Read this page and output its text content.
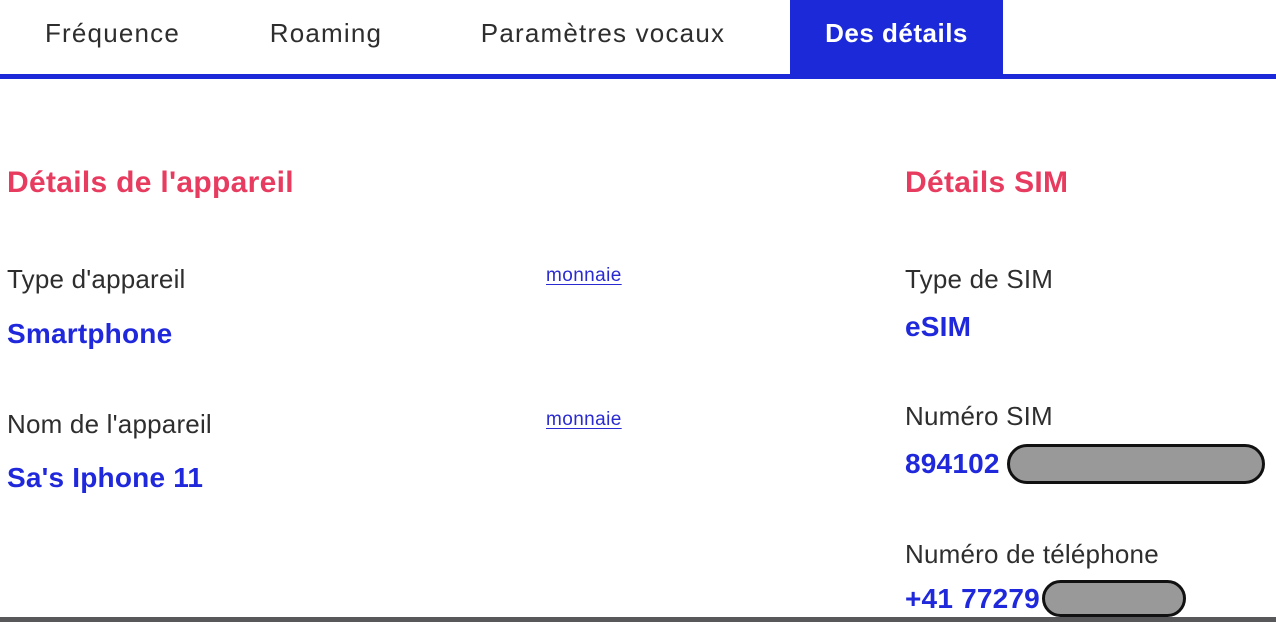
Fréquence	Roaming	Paramètres vocaux	Des détails
Détails de l'appareil
Type d'appareil
Smartphone
monnaie
Nom de l'appareil
Sa's Iphone 11
monnaie
Détails SIM
Type de SIM
eSIM
Numéro SIM
894102
Numéro de téléphone
+41 77279
